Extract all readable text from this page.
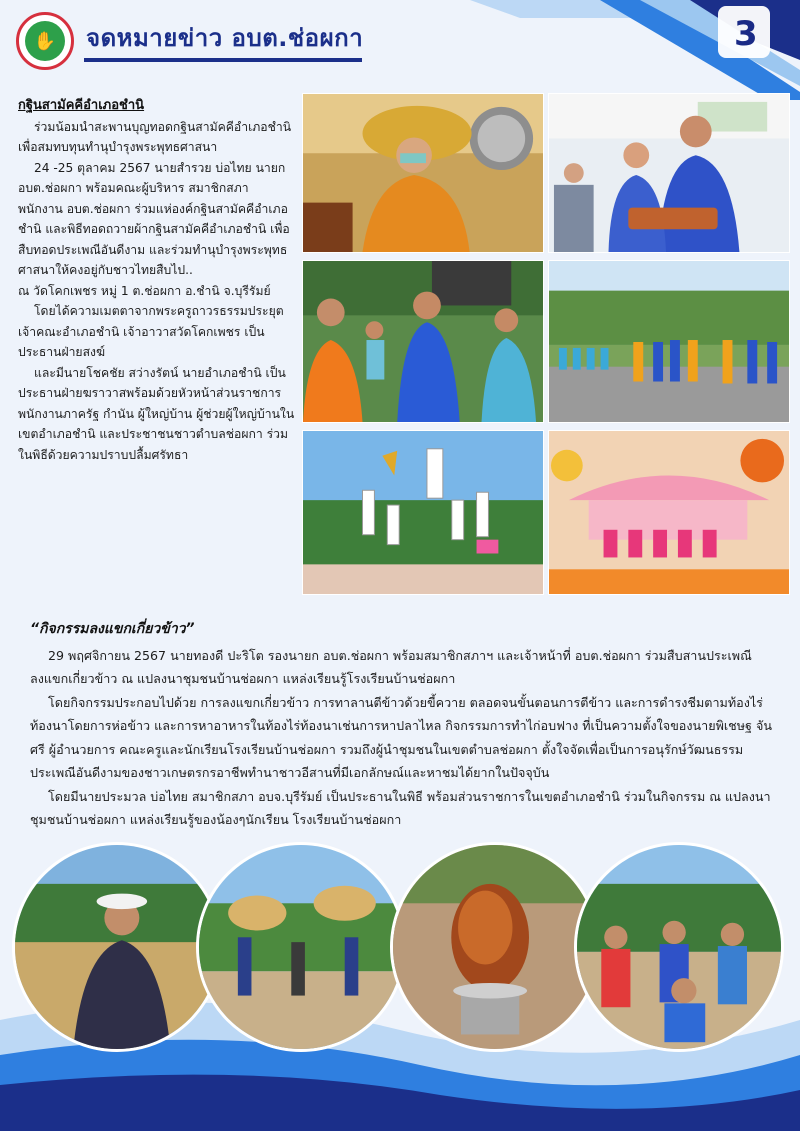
✋	จดหมายข่าว อบต.ช่อผกา	3
กฐินสามัคคีอำเภอชำนิ

ร่วมน้อมนำสะพานบุญทอดกฐินสามัคคีอำเภอชำนิ เพื่อสมทบทุนทำนุบำรุงพระพุทธศาสนา

24 -25 ตุลาคม 2567 นายสำรวย บ่อไทย นายก อบต.ช่อผกา พร้อมคณะผู้บริหาร สมาชิกสภา พนักงาน อบต.ช่อผกา ร่วมแห่องค์กฐินสามัคคีอำเภอชำนิ และพิธีทอดถวายผ้ากฐินสามัคคีอำเภอชำนิ เพื่อสืบทอดประเพณีอันดีงาม และร่วมทำนุบำรุงพระพุทธศาสนาให้คงอยู่กับชาวไทยสืบไป..

ณ วัดโคกเพชร หมู่ 1 ต.ช่อผกา อ.ชำนิ จ.บุรีรัมย์

โดยได้ความเมตตาจากพระครูถาวรธรรมประยุต เจ้าคณะอำเภอชำนิ เจ้าอาวาสวัดโคกเพชร เป็นประธานฝ่ายสงฆ์

และมีนายโชคชัย สว่างรัตน์ นายอำเภอชำนิ เป็นประธานฝ่ายฆราวาสพร้อมด้วยหัวหน้าส่วนราชการ พนักงานภาครัฐ กำนัน ผู้ใหญ่บ้าน ผู้ช่วยผู้ใหญ่บ้านในเขตอำเภอชำนิ และประชาชนชาวตำบลช่อผกา ร่วมในพิธีด้วยความปราบปลื้มศรัทธา

“กิจกรรมลงแขกเกี่ยวข้าว”

29 พฤศจิกายน 2567 นายทองดี ปะริโต รองนายก อบต.ช่อผกา พร้อมสมาชิกสภาฯ และเจ้าหน้าที่ อบต.ช่อผกา ร่วมสืบสานประเพณีลงแขกเกี่ยวข้าว ณ แปลงนาชุมชนบ้านช่อผกา แหล่งเรียนรู้โรงเรียนบ้านช่อผกา

โดยกิจกรรมประกอบไปด้วย การลงแขกเกี่ยวข้าว การทาลานตีข้าวด้วยขี้ควาย ตลอดจนขั้นตอนการตีข้าว และการดำรงชีมตามท้องไร่ท้องนาโดยการห่อข้าว และการหาอาหารในท้องไร่ท้องนาเช่นการหาปลาไหล กิจกรรมการทำไก่อบฟาง ที่เป็นความตั้งใจของนายพิเชษฐ จันศรี ผู้อำนวยการ คณะครูและนักเรียนโรงเรียนบ้านช่อผกา รวมถึงผู้นำชุมชนในเขตตำบลช่อผกา ตั้งใจจัดเพื่อเป็นการอนุรักษ์วัฒนธรรมประเพณีอันดีงามของชาวเกษตรกรอาชีพทำนาชาวอีสานที่มีเอกลักษณ์และหาชมได้ยากในปัจจุบัน

โดยมีนายประมวล บ่อไทย สมาชิกสภา อบจ.บุรีรัมย์ เป็นประธานในพิธี พร้อมส่วนราชการในเขตอำเภอชำนิ ร่วมในกิจกรรม ณ แปลงนาชุมชนบ้านช่อผกา แหล่งเรียนรู้ของน้องๆนักเรียน โรงเรียนบ้านช่อผกา
